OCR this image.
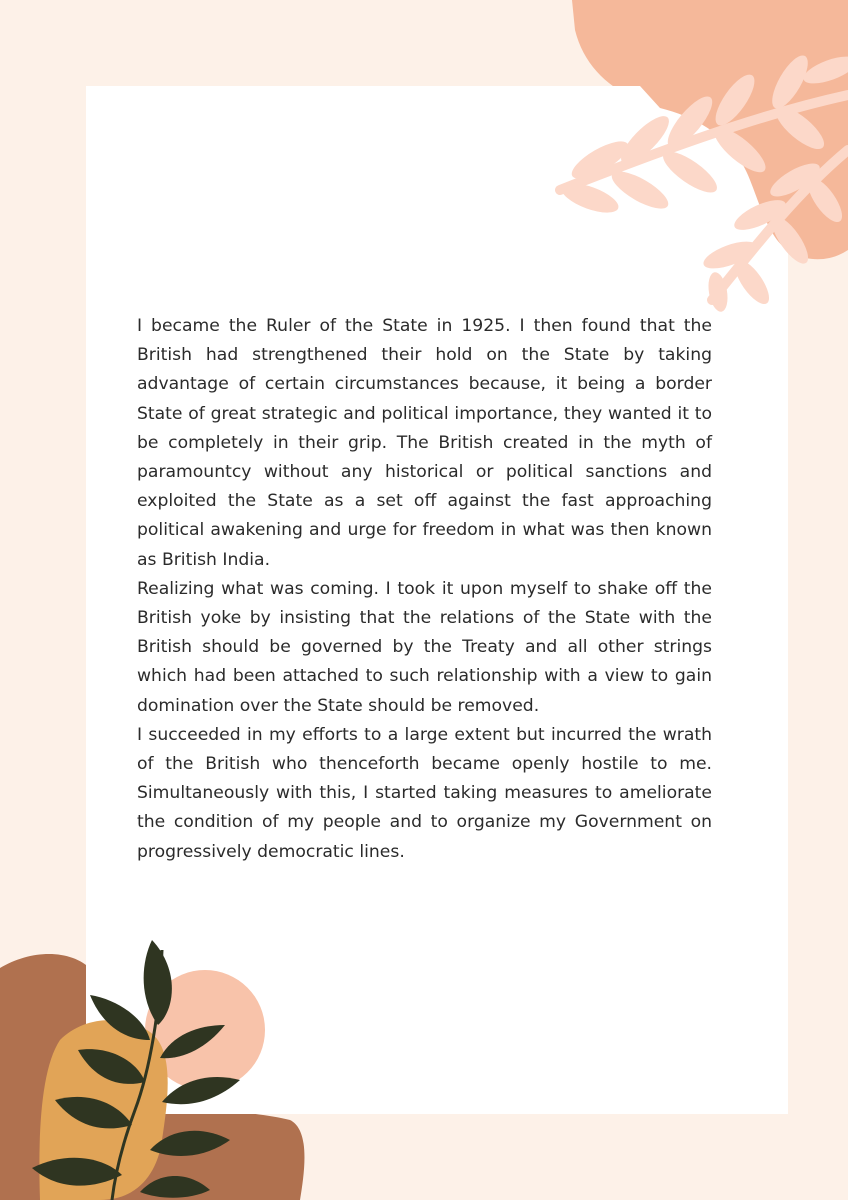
I became the Ruler of the State in 1925. I then found that the British had strengthened their hold on the State by taking advantage of certain circumstances because, it being a border State of great strategic and political importance, they wanted it to be completely in their grip. The British created in the myth of paramountcy without any historical or political sanctions and exploited the State as a set off against the fast approaching political awakening and urge for freedom in what was then known as British India.

Realizing what was coming. I took it upon myself to shake off the British yoke by insisting that the relations of the State with the British should be governed by the Treaty and all other strings which had been attached to such relationship with a view to gain domination over the State should be removed.

I succeeded in my efforts to a large extent but incurred the wrath of the British who thenceforth became openly hostile to me. Simultaneously with this, I started taking measures to ameliorate the condition of my people and to organize my Government on progressively democratic lines.
